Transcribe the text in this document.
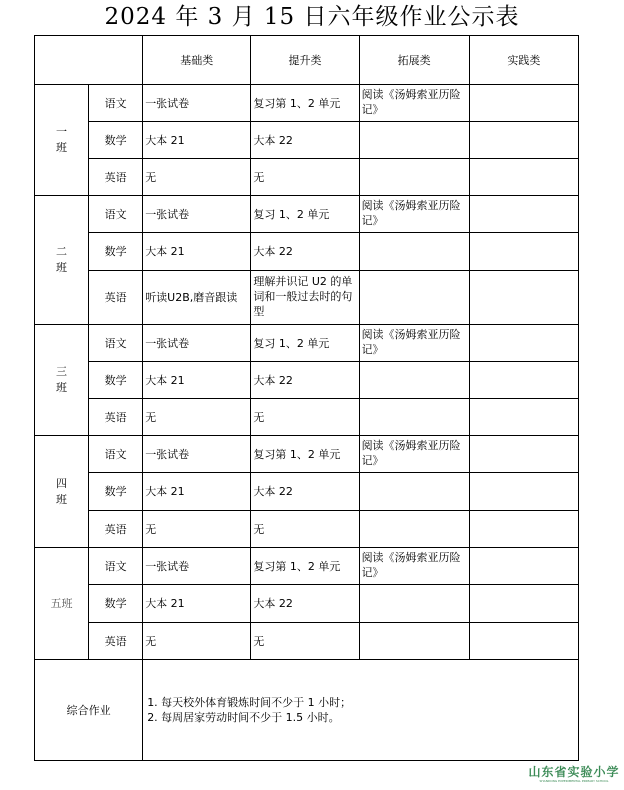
2024 年 3 月 15 日六年级作业公示表
		基础类	提升类	拓展类	实践类

一
班	语文	一张试卷	复习第 1、2 单元	阅读《汤姆索亚历险记》	
	数学	大本 21	大本 22		
	英语	无	无		

二
班	语文	一张试卷	复习 1、2 单元	阅读《汤姆索亚历险记》	
	数学	大本 21	大本 22		
	英语	听读U2B,磨音跟读	理解并识记 U2 的单词和一般过去时的句型		

三
班	语文	一张试卷	复习 1、2 单元	阅读《汤姆索亚历险记》	
	数学	大本 21	大本 22		
	英语	无	无		

四
班	语文	一张试卷	复习第 1、2 单元	阅读《汤姆索亚历险记》	
	数学	大本 21	大本 22		
	英语	无	无		

五班	语文	一张试卷	复习第 1、2 单元	阅读《汤姆索亚历险记》	
	数学	大本 21	大本 22		
	英语	无	无		
综合作业		1. 每天校外体育锻炼时间不少于 1 小时；
2. 每周居家劳动时间不少于 1.5 小时。			
山东省实验小学
SHANDONG EXPERIMENTAL PRIMARY SCHOOL
